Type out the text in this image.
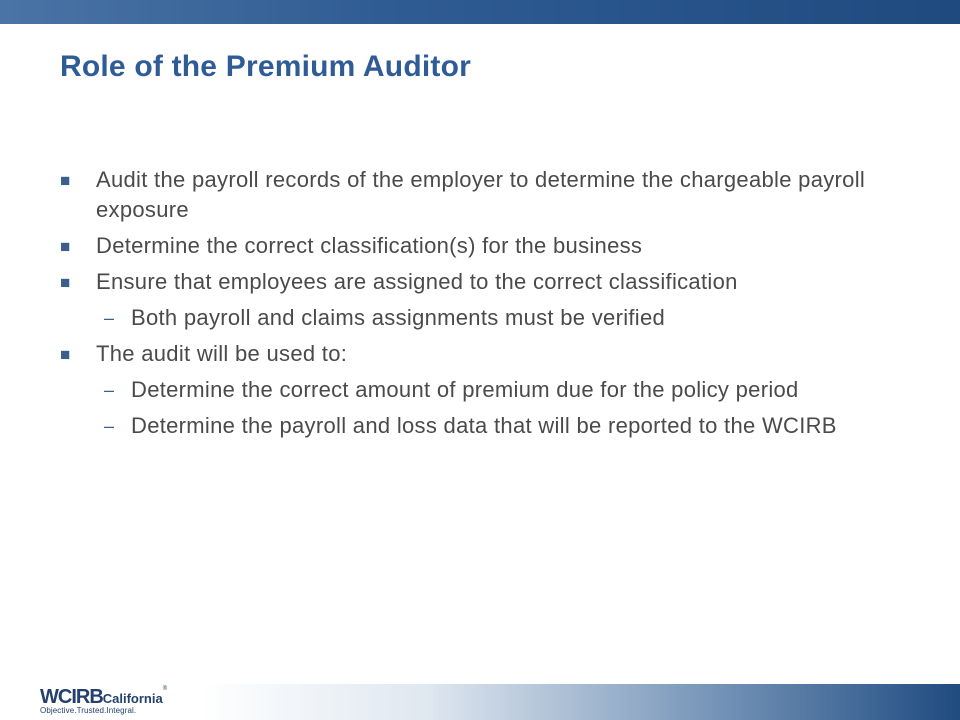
Role of the Premium Auditor
■ Audit the payroll records of the employer to determine the chargeable payroll exposure
■ Determine the correct classification(s) for the business
■ Ensure that employees are assigned to the correct classification
– Both payroll and claims assignments must be verified
■ The audit will be used to:
– Determine the correct amount of premium due for the policy period
– Determine the payroll and loss data that will be reported to the WCIRB
WCIRBCalifornia®
Objective.Trusted.Integral.
